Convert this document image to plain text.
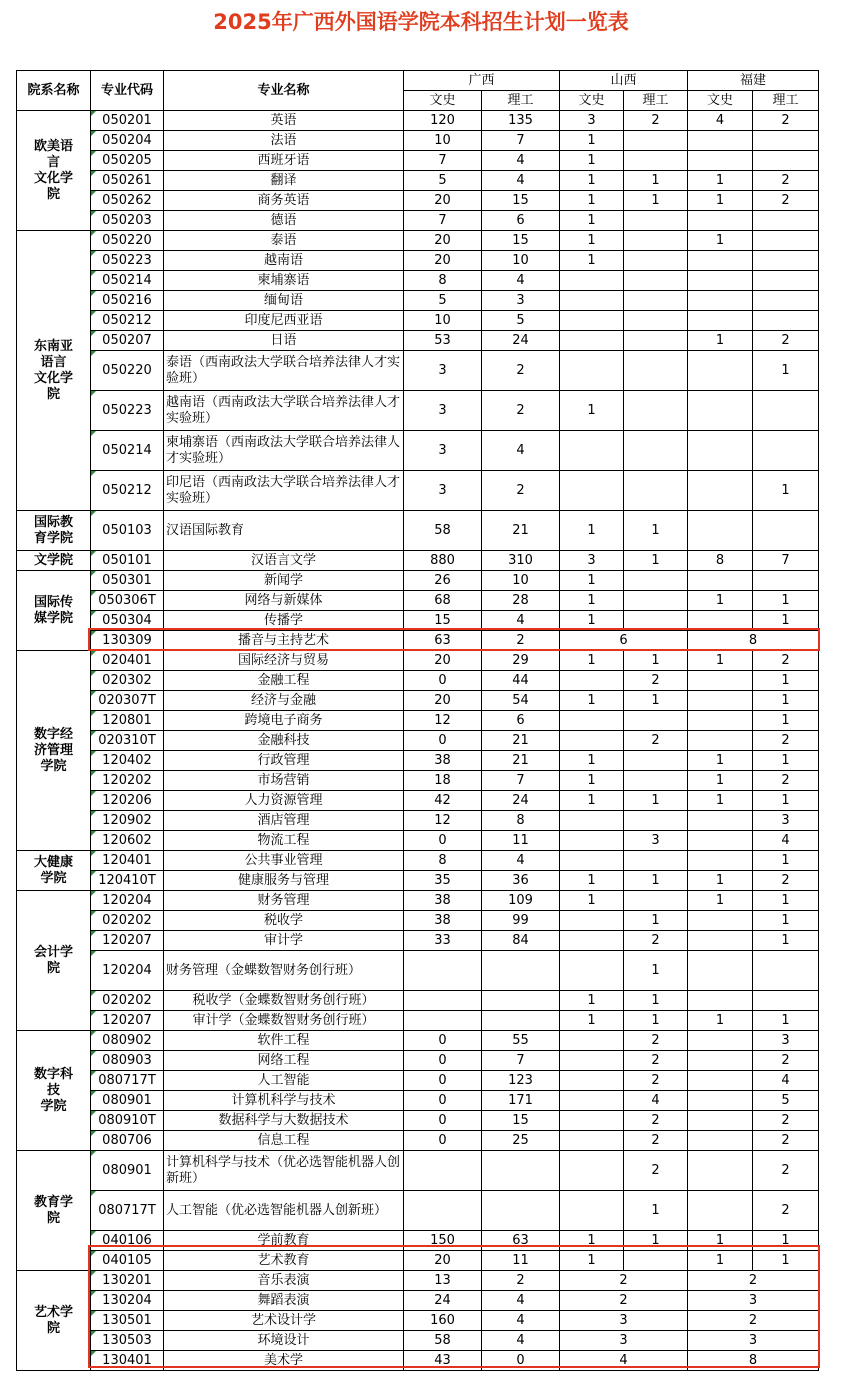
2025年广西外国语学院本科招生计划一览表
院系名称	专业代码	专业名称	广西		山西		福建	
			文史	理工	文史	理工	文史	理工
欧美语
言
文化学
院	050201	英语	120	135	3	2	4	2
	050204	法语	10	7	1			
	050205	西班牙语	7	4	1			
	050261	翻译	5	4	1	1	1	2
	050262	商务英语	20	15	1	1	1	2
	050203	德语	7	6	1			
东南亚
语言
文化学
院	050220	泰语	20	15	1		1	
	050223	越南语	20	10	1			
	050214	柬埔寨语	8	4				
	050216	缅甸语	5	3				
	050212	印度尼西亚语	10	5				
	050207	日语	53	24			1	2
	050220	泰语（西南政法大学联合培养法律人才实验班）	3	2				1
	050223	越南语（西南政法大学联合培养法律人才实验班）	3	2	1			
	050214	柬埔寨语（西南政法大学联合培养法律人才实验班）	3	4				
	050212	印尼语（西南政法大学联合培养法律人才实验班）	3	2				1
国际教
育学院	050103	汉语国际教育	58	21	1	1		
文学院	050101	汉语言文学	880	310	3	1	8	7
国际传
媒学院	050301	新闻学	26	10	1			
	050306T	网络与新媒体	68	28	1		1	1
	050304	传播学	15	4	1			1
	130309	播音与主持艺术	63	2	6		8	
数字经
济管理
学院	020401	国际经济与贸易	20	29	1	1	1	2
	020302	金融工程	0	44		2		1
	020307T	经济与金融	20	54	1	1		1
	120801	跨境电子商务	12	6				1
	020310T	金融科技	0	21		2		2
	120402	行政管理	38	21	1		1	1
	120202	市场营销	18	7	1		1	2
	120206	人力资源管理	42	24	1	1	1	1
	120902	酒店管理	12	8				3
	120602	物流工程	0	11		3		4
大健康
学院	120401	公共事业管理	8	4				1
	120410T	健康服务与管理	35	36	1	1	1	2
会计学
院	120204	财务管理	38	109	1		1	1
	020202	税收学	38	99		1		1
	120207	审计学	33	84		2		1
	120204	财务管理（金蝶数智财务创行班）				1		
	020202	税收学（金蝶数智财务创行班）			1	1		
	120207	审计学（金蝶数智财务创行班）			1	1	1	1
数字科
技
学院	080902	软件工程	0	55		2		3
	080903	网络工程	0	7		2		2
	080717T	人工智能	0	123		2		4
	080901	计算机科学与技术	0	171		4		5
	080910T	数据科学与大数据技术	0	15		2		2
	080706	信息工程	0	25		2		2
教育学
院	080901	计算机科学与技术（优必选智能机器人创新班）				2		2
	080717T	人工智能（优必选智能机器人创新班）				1		2
	040106	学前教育	150	63	1	1	1	1
	040105	艺术教育	20	11	1		1	1
艺术学
院	130201	音乐表演	13	2	2		2	
	130204	舞蹈表演	24	4	2		3	
	130501	艺术设计学	160	4	3		2	
	130503	环境设计	58	4	3		3	
	130401	美术学	43	0	4		8	
